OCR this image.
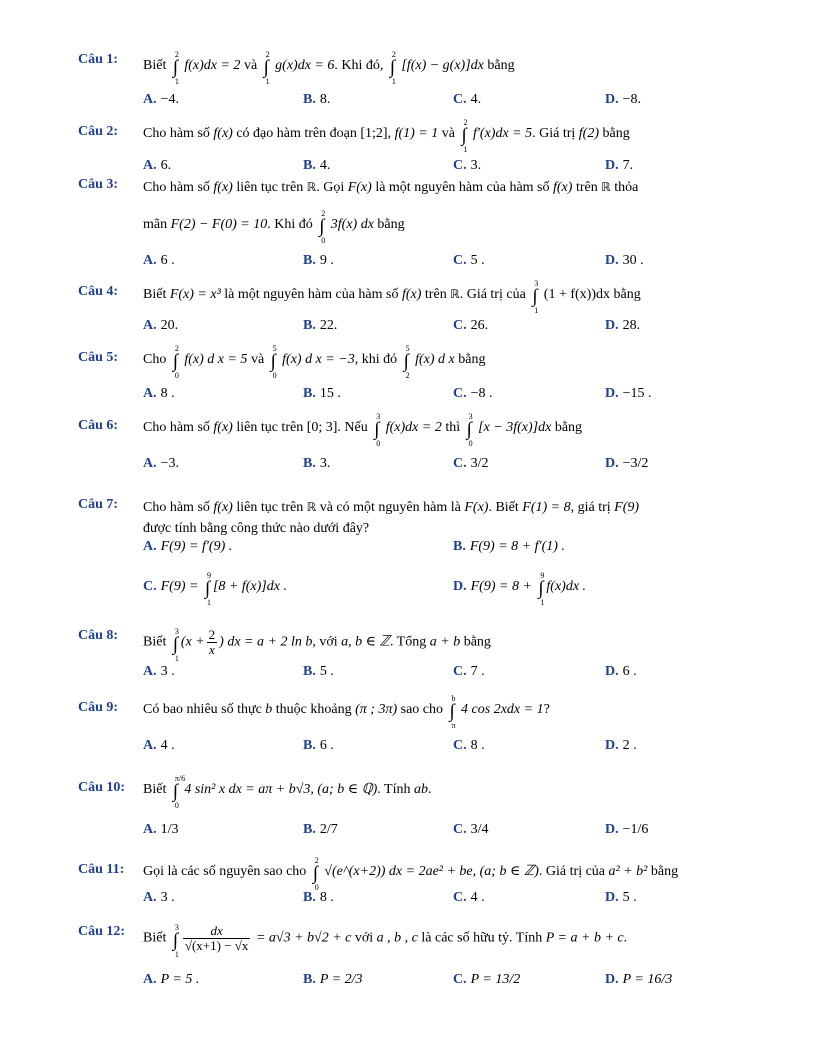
Câu 1: Biết
2
∫
1
f(x)dx = 2 và
2
∫
1
g(x)dx = 6. Khi đó,
2
∫
1
[f(x) − g(x)]dx bằng
A. −4.	B. 8.	C. 4.	D. −8.
Câu 2: Cho hàm số f(x) có đạo hàm trên đoạn [1;2], f(1) = 1 và
2
∫
1
f′(x)dx = 5. Giá trị f(2) bằng
A. 6.	B. 4.	C. 3.	D. 7.
Câu 3: Cho hàm số f(x) liên tục trên ℝ. Gọi F(x) là một nguyên hàm của hàm số f(x) trên ℝ thỏa
mãn F(2) − F(0) = 10. Khi đó
2
∫
0
3f(x) dx bằng
A. 6 .	B. 9 .	C. 5 .	D. 30 .
Câu 4: Biết F(x) = x³ là một nguyên hàm của hàm số f(x) trên ℝ. Giá trị của
3
∫
1
(1 + f(x))dx bằng
A. 20.	B. 22.	C. 26.	D. 28.
Câu 5: Cho
2
∫
0
f(x) d x = 5 và
5
∫
0
f(x) d x = −3, khi đó
5
∫
2
f(x) d x bằng
A. 8 .	B. 15 .	C. −8 .	D. −15 .
Câu 6: Cho hàm số f(x) liên tục trên [0; 3]. Nếu
3
∫
0
f(x)dx = 2 thì
3
∫
0
[x − 3f(x)]dx bằng
A. −3.	B. 3.	C. 3/2	D. −3/2
Câu 7: Cho hàm số f(x) liên tục trên ℝ và có một nguyên hàm là F(x). Biết F(1) = 8, giá trị F(9)
được tính bằng công thức nào dưới đây?
A. F(9) = f′(9) .	B. F(9) = 8 + f′(1) .
C. F(9) =
9
∫
1
[8 + f(x)]dx .	D. F(9) = 8 +
9
∫
1
f(x)dx .
Câu 8: Biết
3
∫
1
($x + \frac{2}{x}$ ) dx = a + 2 ln b, với a, b ∈ ℤ. Tổng a + b bằng
A. 3 .	B. 5 .	C. 7 .	D. 6 .
Câu 9: Có bao nhiêu số thực b thuộc khoảng (π ; 3π) sao cho
b
∫
π
4 cos 2xdx = 1?
A. 4 .	B. 6 .	C. 8 .	D. 2 .
Câu 10: Biết
π/6
∫
0
4 sin² x dx = aπ + b√3, (a; b ∈ ℚ). Tính ab.
A. 1/3	B. 2/7	C. 3/4	D. −1/6
Câu 11: Gọi là các số nguyên sao cho
2
∫
0
√(e^(x+2)) dx = 2ae² + be, (a; b ∈ ℤ). Giá trị của a² + b² bằng
A. 3 .	B. 8 .	C. 4 .	D. 5 .
Câu 12: Biết
3
∫
1
$\frac{dx}{√(x+1) - √x} = a√3 + b√2 + c$ với a , b , c là các số hữu tỷ. Tính P = a + b + c.
A. P = 5 .	B. P = 2/3	C. P = 13/2	D. P = 16/3
